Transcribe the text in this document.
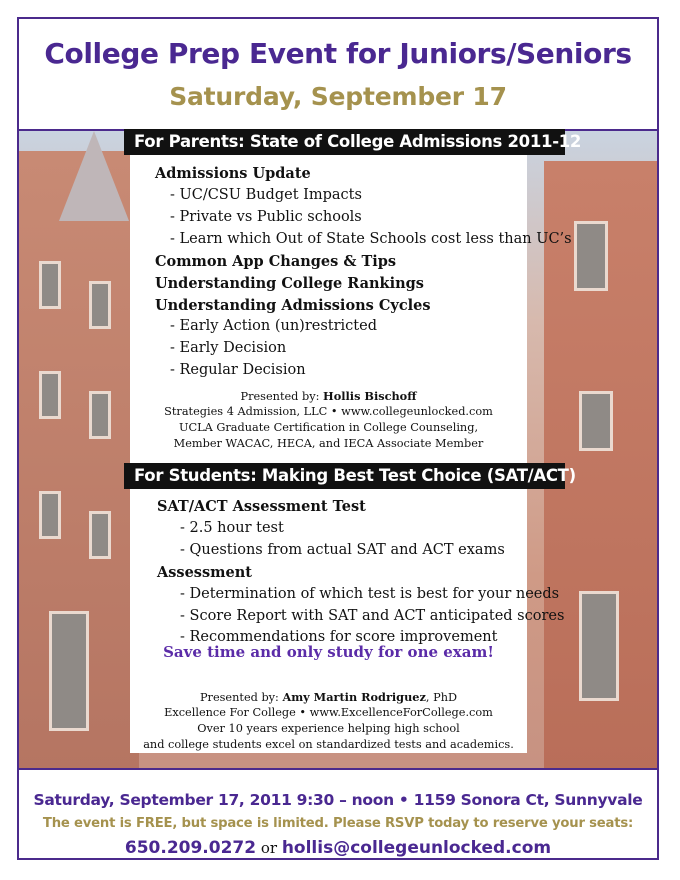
College Prep Event for Juniors/Seniors
Saturday, September 17
Saturday, September 17, 2011 9:30 – noon • 1159 Sonora Ct, Sunnyvale
The event is FREE, but space is limited. Please RSVP today to reserve your seats:
650.209.0272 or hollis@collegeunlocked.com
For Parents: State of College Admissions 2011-12
Admissions Update
- UC/CSU Budget Impacts
- Private vs Public schools
- Learn which Out of State Schools cost less than UC’s
Common App Changes & Tips
Understanding College Rankings
Understanding Admissions Cycles
- Early Action (un)restricted
- Early Decision
- Regular Decision
Presented by: Hollis Bischoff
Strategies 4 Admission, LLC • www.collegeunlocked.com
UCLA Graduate Certification in College Counseling,
Member WACAC, HECA, and IECA Associate Member
For Students: Making Best Test Choice (SAT/ACT)
SAT/ACT Assessment Test
- 2.5 hour test
- Questions from actual SAT and ACT exams
Assessment
- Determination of which test is best for your needs
- Score Report with SAT and ACT anticipated scores
- Recommendations for score improvement
Save time and only study for one exam!
Presented by: Amy Martin Rodriguez, PhD
Excellence For College • www.ExcellenceForCollege.com
Over 10 years experience helping high school
and college students excel on standardized tests and academics.
